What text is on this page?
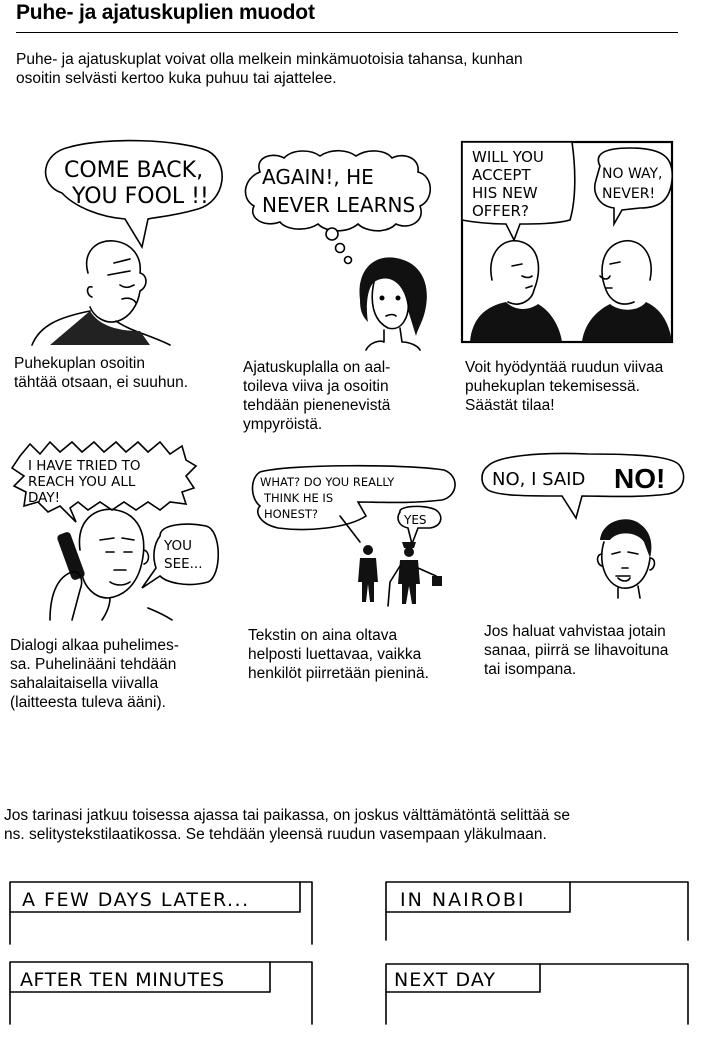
Puhe- ja ajatuskuplien muodot
Puhe- ja ajatuskuplat voivat olla melkein minkämuotoisia tahansa, kunhan
osoitin selvästi kertoo kuka puhuu tai ajattelee.
COME BACK,
YOU FOOL !!
Puhekuplan osoitin
tähtää otsaan, ei suuhun.
AGAIN!, HE
NEVER LEARNS
Ajatuskuplalla on aal-
toileva viiva ja osoitin
tehdään pienenevistä
ympyröistä.
WILL YOU
ACCEPT
HIS NEW
OFFER?
NO WAY,
NEVER!
Voit hyödyntää ruudun viivaa
puhekuplan tekemisessä.
Säästät tilaa!
I HAVE TRIED TO
REACH YOU ALL
DAY!
YOU
SEE...
Dialogi alkaa puhelimes-
sa. Puhelinääni tehdään
sahalaitaisella viivalla
(laitteesta tuleva ääni).
WHAT? DO YOU REALLY
THINK HE IS
HONEST?	YES
Tekstin on aina oltava
helposti luettavaa, vaikka
henkilöt piirretään pieninä.
NO, I SAID NO!
Jos haluat vahvistaa jotain
sanaa, piirrä se lihavoituna
tai isompana.
Jos tarinasi jatkuu toisessa ajassa tai paikassa, on joskus välttämätöntä selittää se
ns. selitystekstilaatikossa. Se tehdään yleensä ruudun vasempaan yläkulmaan.
A FEW DAYS LATER...	IN NAIROBI
AFTER TEN MINUTES	NEXT DAY
